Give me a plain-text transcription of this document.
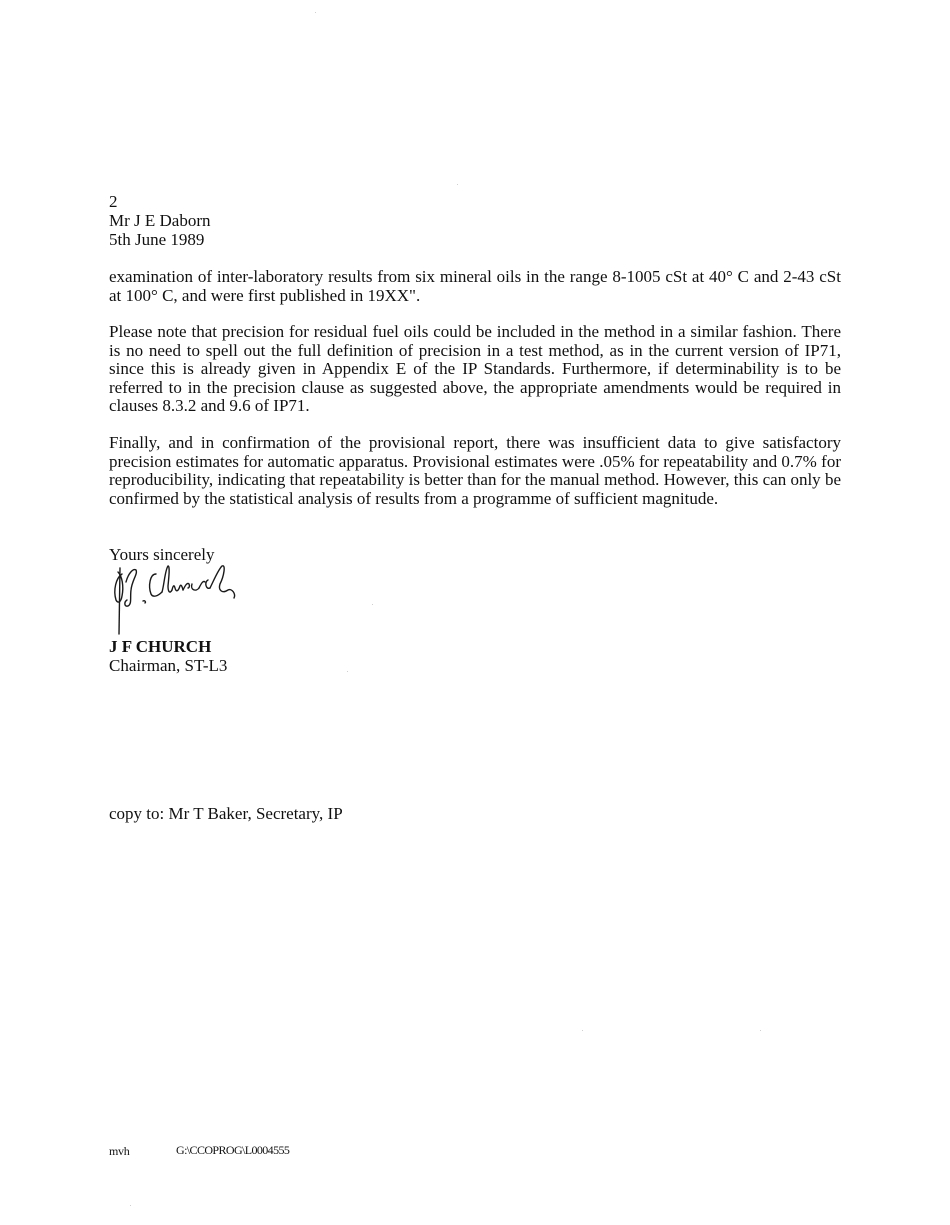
2
Mr J E Daborn
5th June 1989

examination of inter-laboratory results from six mineral oils in the range 8-1005 cSt at 40° C and 2-43 cSt at 100° C, and were first published in 19XX".

Please note that precision for residual fuel oils could be included in the method in a similar fashion. There is no need to spell out the full definition of precision in a test method, as in the current version of IP71, since this is already given in Appendix E of the IP Standards. Furthermore, if determinability is to be referred to in the precision clause as suggested above, the appropriate amendments would be required in clauses 8.3.2 and 9.6 of IP71.

Finally, and in confirmation of the provisional report, there was insufficient data to give satisfactory precision estimates for automatic apparatus. Provisional estimates were .05% for repeatability and 0.7% for reproducibility, indicating that repeatability is better than for the manual method. However, this can only be confirmed by the statistical analysis of results from a programme of sufficient magnitude.

Yours sincerely
J F CHURCH
Chairman, ST-L3
copy to: Mr T Baker, Secretary, IP
mvh	G:\CCOPROG\L0004555
